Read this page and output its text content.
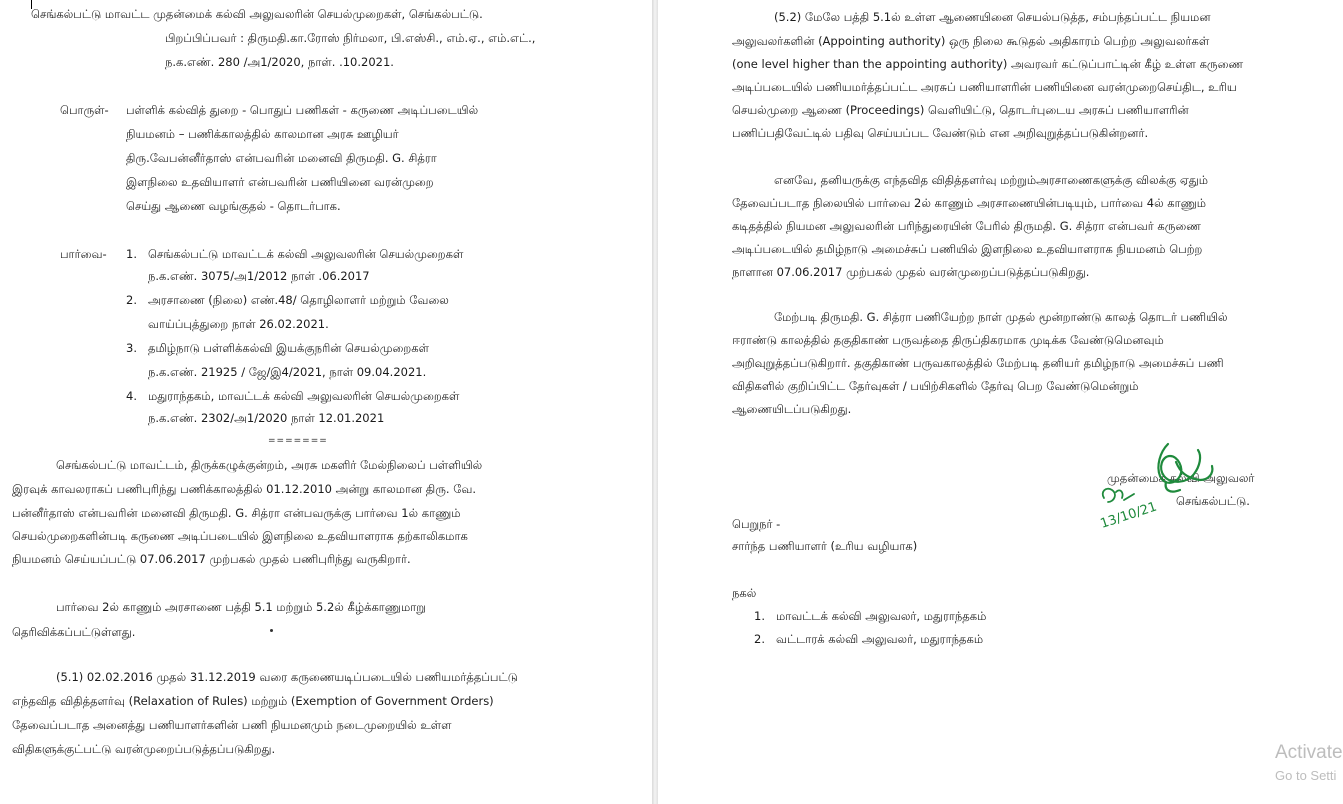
செங்கல்பட்டு மாவட்ட முதன்மைக் கல்வி அலுவலரின் செயல்முறைகள், செங்கல்பட்டு.
பிறப்பிப்பவர் : திருமதி.கா.ரோஸ் நிர்மலா, பி.எஸ்சி., எம்.ஏ., எம்.எட்.,
ந.க.எண். 280 /அ1/2020, நாள். .10.2021.
பொருள்- பள்ளிக் கல்வித் துறை - பொதுப் பணிகள் - கருணை அடிப்படையில்
நியமனம் – பணிக்காலத்தில் காலமான அரசு ஊழியர்
திரு.வேபன்னீர்தாஸ் என்பவரின் மனைவி திருமதி. G. சித்ரா
இளநிலை உதவியாளர் என்பவரின் பணியினை வரன்முறை
செய்து ஆணை வழங்குதல் - தொடர்பாக.
பார்வை- 1. செங்கல்பட்டு மாவட்டக் கல்வி அலுவலரின் செயல்முறைகள்
ந.க.எண். 3075/அ1/2012 நாள் .06.2017
2. அரசாணை (நிலை) எண்.48/ தொழிலாளர் மற்றும் வேலை
வாய்ப்புத்துறை நாள் 26.02.2021.
3. தமிழ்நாடு பள்ளிக்கல்வி இயக்குநரின் செயல்முறைகள்
ந.க.எண். 21925 / ஜே/இ4/2021, நாள் 09.04.2021.
4. மதுராந்தகம், மாவட்டக் கல்வி அலுவலரின் செயல்முறைகள்
ந.க.எண். 2302/அ1/2020 நாள் 12.01.2021
=======
செங்கல்பட்டு மாவட்டம், திருக்கழுக்குன்றம், அரசு மகளிர் மேல்நிலைப் பள்ளியில்
இரவுக் காவலராகப் பணிபுரிந்து பணிக்காலத்தில் 01.12.2010 அன்று காலமான திரு. வே.
பன்னீர்தாஸ் என்பவரின் மனைவி திருமதி. G. சித்ரா என்பவருக்கு பார்வை 1ல் காணும்
செயல்முறைகளின்படி கருணை அடிப்படையில் இளநிலை உதவியாளராக தற்காலிகமாக
நியமனம் செய்யப்பட்டு 07.06.2017 முற்பகல் முதல் பணிபுரிந்து வருகிறார்.
பார்வை 2ல் காணும் அரசாணை பத்தி 5.1 மற்றும் 5.2ல் கீழ்க்காணுமாறு
தெரிவிக்கப்பட்டுள்ளது.
(5.1) 02.02.2016 முதல் 31.12.2019 வரை கருணையடிப்படையில் பணியமர்த்தப்பட்டு
எந்தவித விதித்தளர்வு (Relaxation of Rules) மற்றும் (Exemption of Government Orders)
தேவைப்படாத அனைத்து பணியாளர்களின் பணி நியமனமும் நடைமுறையில் உள்ள
விதிகளுக்குட்பட்டு வரன்முறைப்படுத்தப்படுகிறது.
(5.2) மேலே பத்தி 5.1ல் உள்ள ஆணையினை செயல்படுத்த, சம்பந்தப்பட்ட நியமன
அலுவலர்களின் (Appointing authority) ஒரு நிலை கூடுதல் அதிகாரம் பெற்ற அலுவலர்கள்
(one level higher than the appointing authority) அவரவர் கட்டுப்பாட்டின் கீழ் உள்ள கருணை
அடிப்படையில் பணியமர்த்தப்பட்ட அரசுப் பணியாளரின் பணியினை வரன்முறைசெய்திட, உரிய
செயல்முறை ஆணை (Proceedings) வெளியிட்டு, தொடர்புடைய அரசுப் பணியாளரின்
பணிப்பதிவேட்டில் பதிவு செய்யப்பட வேண்டும் என அறிவுறுத்தப்படுகின்றனர்.
எனவே, தனியருக்கு எந்தவித விதித்தளர்வு மற்றும்அரசாணைகளுக்கு விலக்கு ஏதும்
தேவைப்படாத நிலையில் பார்வை 2ல் காணும் அரசாணையின்படியும், பார்வை 4ல் காணும்
கடிதத்தில் நியமன அலுவலரின் பரிந்துரையின் பேரில் திருமதி. G. சித்ரா என்பவர் கருணை
அடிப்படையில் தமிழ்நாடு அமைச்சுப் பணியில் இளநிலை உதவியாளராக நியமனம் பெற்ற
நாளான 07.06.2017 முற்பகல் முதல் வரன்முறைப்படுத்தப்படுகிறது.
மேற்படி திருமதி. G. சித்ரா பணியேற்ற நாள் முதல் மூன்றாண்டு காலத் தொடர் பணியில்
ஈராண்டு காலத்தில் தகுதிகாண் பருவத்தை திருப்திகரமாக முடிக்க வேண்டுமெனவும்
அறிவுறுத்தப்படுகிறார். தகுதிகாண் பருவகாலத்தில் மேற்படி தனியர் தமிழ்நாடு அமைச்சுப் பணி
விதிகளில் குறிப்பிட்ட தேர்வுகள் / பயிற்சிகளில் தேர்வு பெற வேண்டுமென்றும்
ஆணையிடப்படுகிறது.
முதன்மைக் கல்வி அலுவலர்
செங்கல்பட்டு.
பெறுநர் -
சார்ந்த பணியாளர் (உரிய வழியாக)
நகல்
1. மாவட்டக் கல்வி அலுவலர், மதுராந்தகம்
2. வட்டாரக் கல்வி அலுவலர், மதுராந்தகம்
13/10/21
Activate
Go to Setti
